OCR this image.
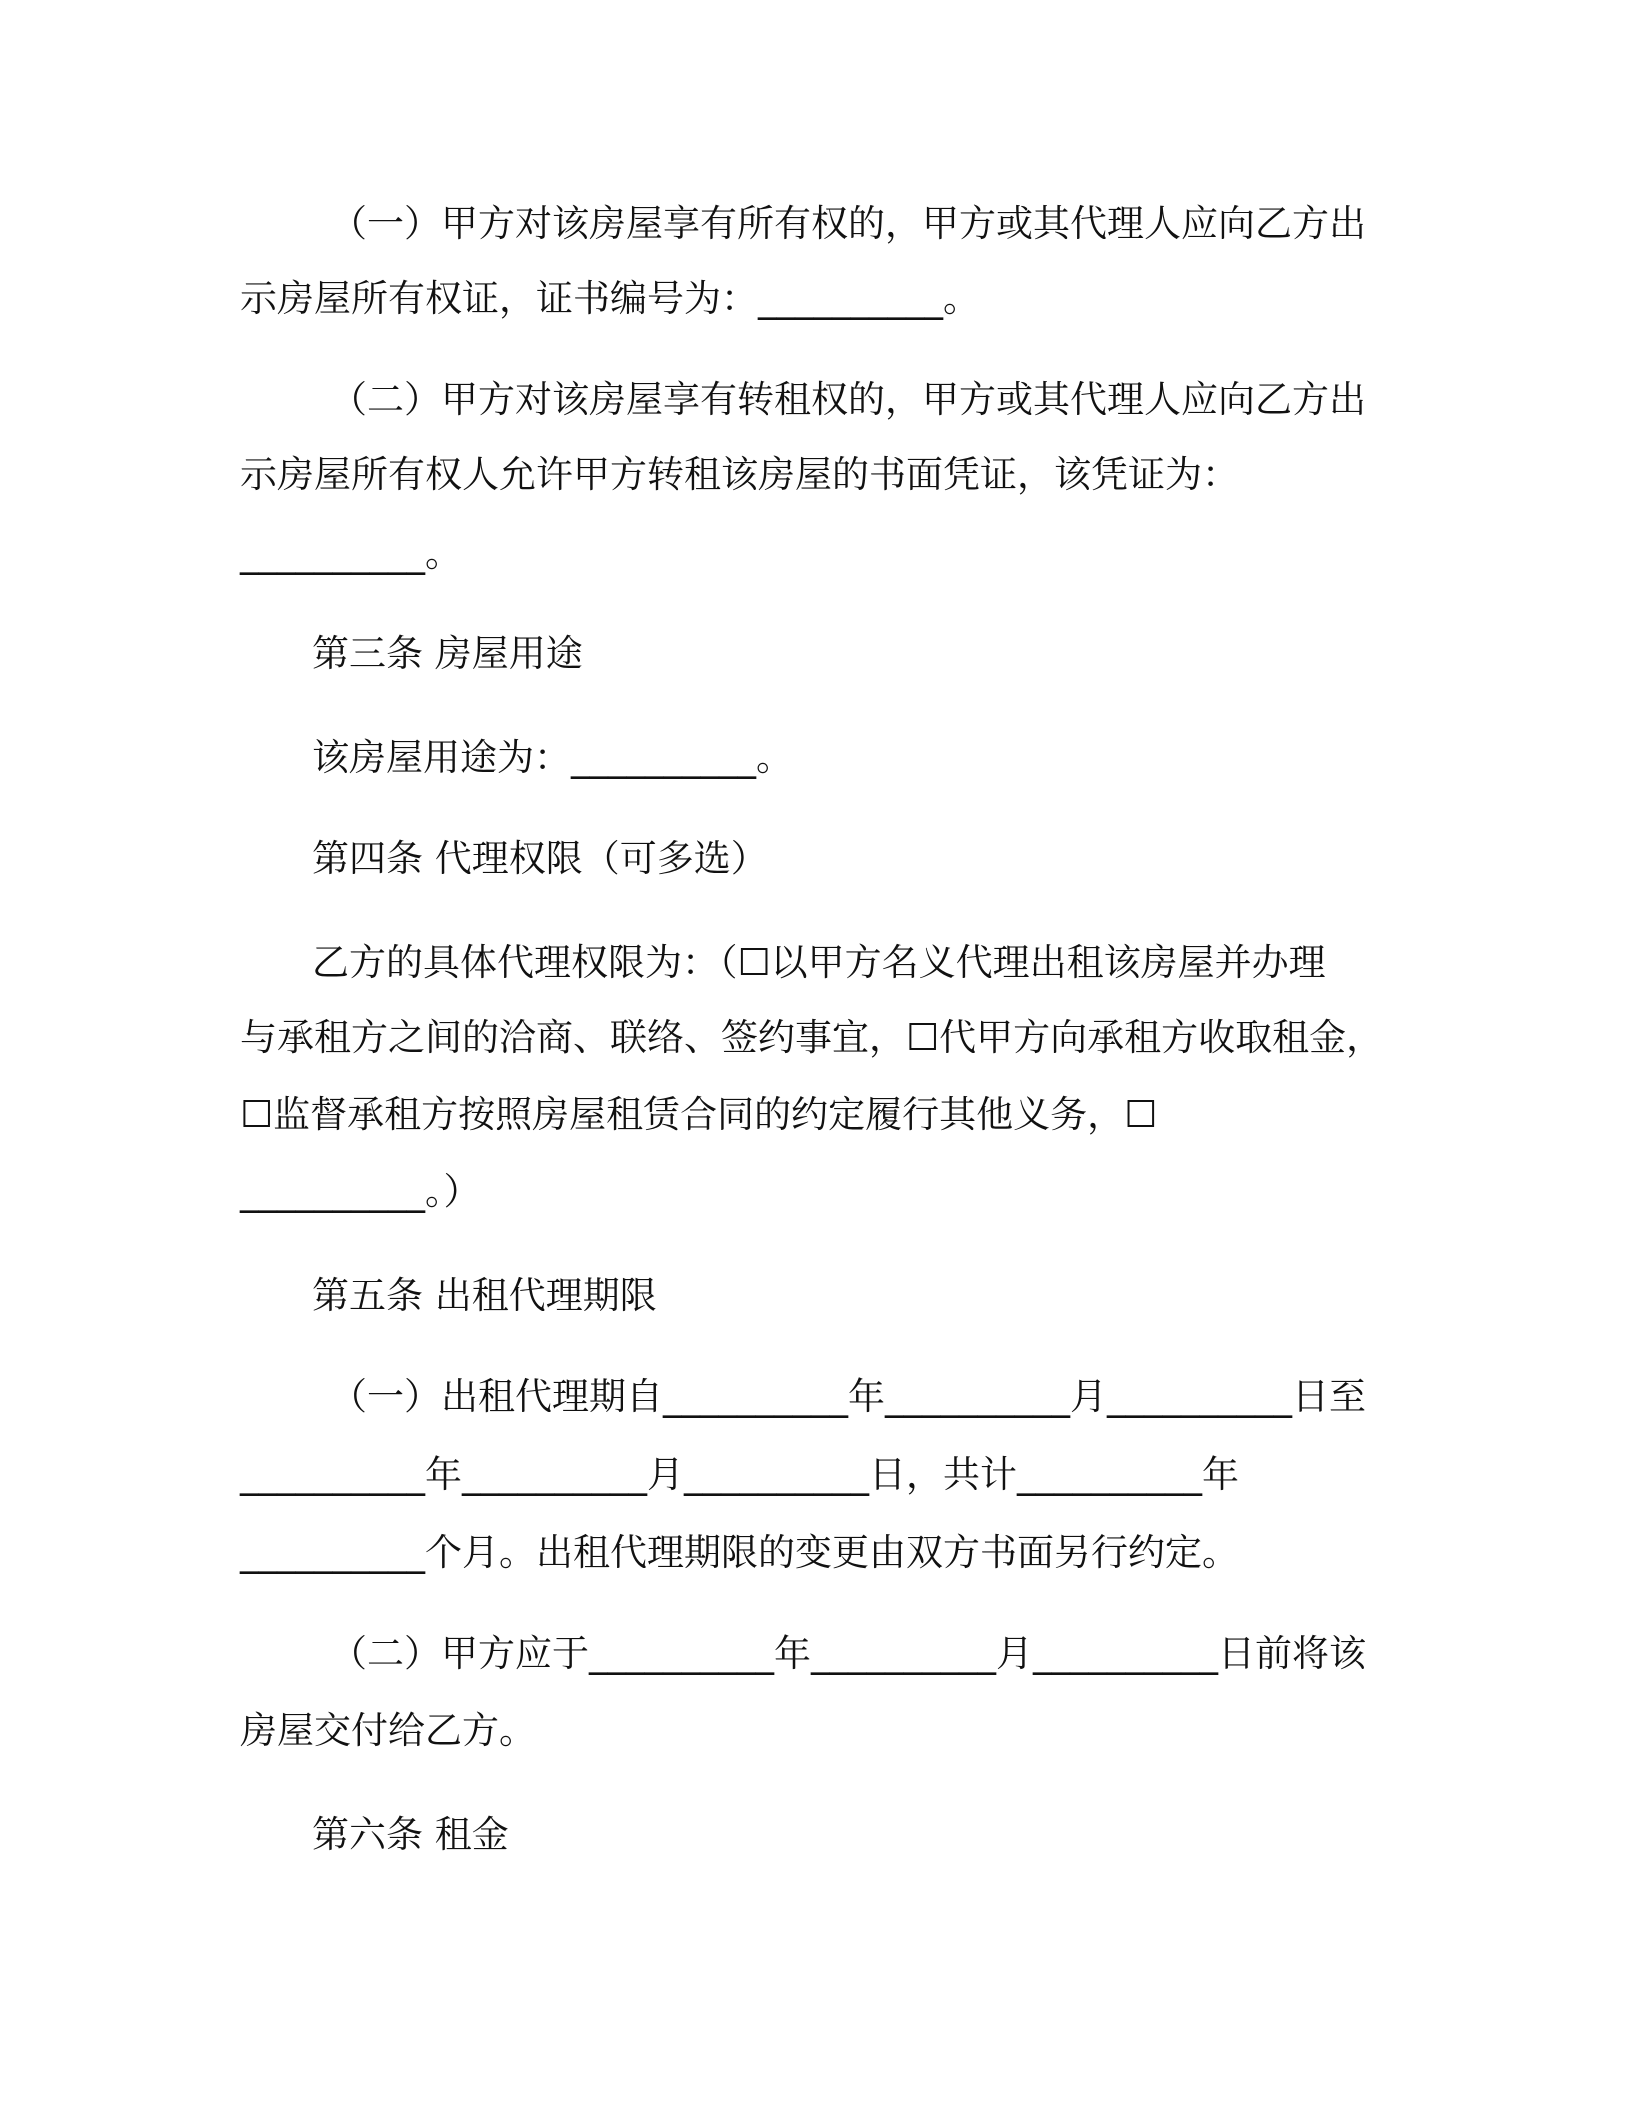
（一）甲方对该房屋享有所有权的，甲方或其代理人应向乙方出

示房屋所有权证，证书编号为：__________。

（二）甲方对该房屋享有转租权的，甲方或其代理人应向乙方出

示房屋所有权人允许甲方转租该房屋的书面凭证，该凭证为：

__________。

第三条 房屋用途

该房屋用途为：__________。

第四条 代理权限（可多选）

乙方的具体代理权限为：（☐以甲方名义代理出租该房屋并办理

与承租方之间的洽商、联络、签约事宜，☐代甲方向承租方收取租金，

☐监督承租方按照房屋租赁合同的约定履行其他义务，☐

__________。）

第五条 出租代理期限

（一）出租代理期自__________年__________月__________日至

__________年__________月__________日，共计__________年

__________个月。出租代理期限的变更由双方书面另行约定。

（二）甲方应于__________年__________月__________日前将该

房屋交付给乙方。

第六条 租金
